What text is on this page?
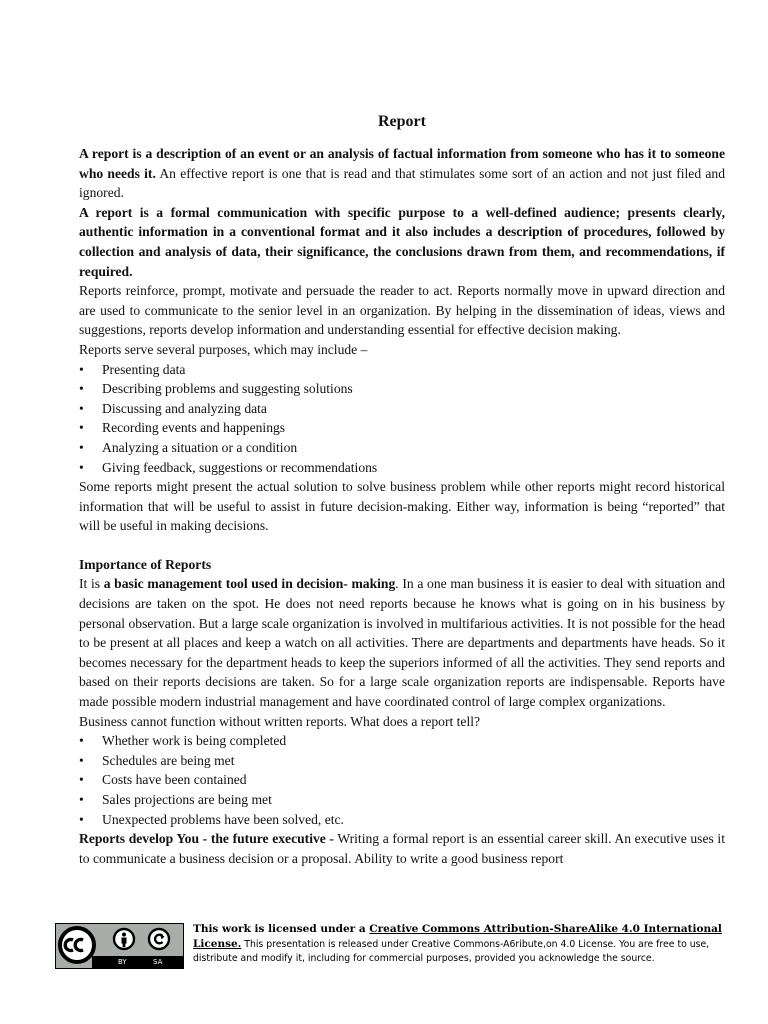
Report

A report is a description of an event or an analysis of factual information from someone who has it to someone who needs it. An effective report is one that is read and that stimulates some sort of an action and not just filed and ignored.

A report is a formal communication with specific purpose to a well-defined audience; presents clearly, authentic information in a conventional format and it also includes a description of procedures, followed by collection and analysis of data, their significance, the conclusions drawn from them, and recommendations, if required.

Reports reinforce, prompt, motivate and persuade the reader to act. Reports normally move in upward direction and are used to communicate to the senior level in an organization. By helping in the dissemination of ideas, views and suggestions, reports develop information and understanding essential for effective decision making.

Reports serve several purposes, which may include –

• Presenting data
• Describing problems and suggesting solutions
• Discussing and analyzing data
• Recording events and happenings
• Analyzing a situation or a condition
• Giving feedback, suggestions or recommendations

Some reports might present the actual solution to solve business problem while other reports might record historical information that will be useful to assist in future decision-making. Either way, information is being “reported” that will be useful in making decisions.

Importance of Reports

It is a basic management tool used in decision- making. In a one man business it is easier to deal with situation and decisions are taken on the spot. He does not need reports because he knows what is going on in his business by personal observation. But a large scale organization is involved in multifarious activities. It is not possible for the head to be present at all places and keep a watch on all activities. There are departments and departments have heads. So it becomes necessary for the department heads to keep the superiors informed of all the activities. They send reports and based on their reports decisions are taken. So for a large scale organization reports are indispensable. Reports have made possible modern industrial management and have coordinated control of large complex organizations.

Business cannot function without written reports. What does a report tell?

• Whether work is being completed
• Schedules are being met
• Costs have been contained
• Sales projections are being met
• Unexpected problems have been solved, etc.

Reports develop You - the future executive - Writing a formal report is an essential career skill. An executive uses it to communicate a business decision or a proposal. Ability to write a good business report

BY	SA
This work is licensed under a Creative Commons Attribution-ShareAlike 4.0 International License. This presentation is released under Creative Commons-A6ribute,on 4.0 License. You are free to use, distribute and modify it, including for commercial purposes, provided you acknowledge the source.
